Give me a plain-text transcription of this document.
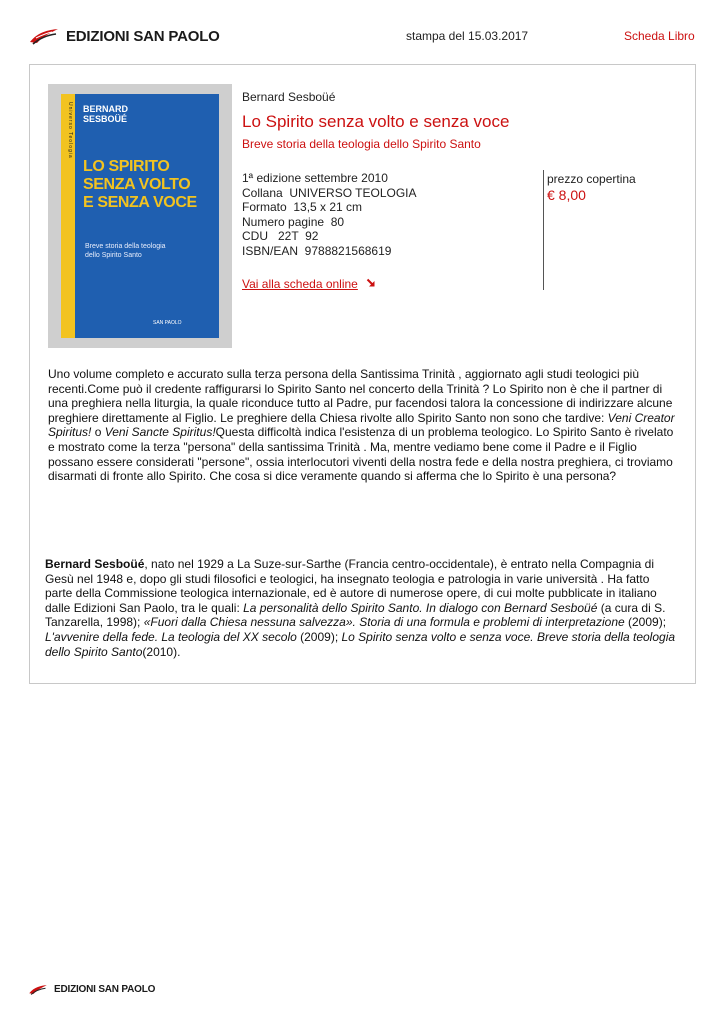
EDIZIONI SAN PAOLO	stampa del 15.03.2017	Scheda Libro
Universo Teologia BERNARD
SESBOÜÉ
LO SPIRITO
SENZA VOLTO
E SENZA VOCE
Breve storia della teologia
dello Spirito Santo
SAN PAOLO
Bernard Sesboüé
Lo Spirito senza volto e senza voce
Breve storia della teologia dello Spirito Santo
1ª edizione settembre 2010
Collana  UNIVERSO TEOLOGIA
Formato  13,5 x 21 cm
Numero pagine  80
CDU   22T  92
ISBN/EAN  9788821568619
Vai alla scheda online
prezzo copertina
€ 8,00
Uno volume completo e accurato sulla terza persona della Santissima Trinità , aggiornato agli studi teologici più recenti.Come può il credente raffigurarsi lo Spirito Santo nel concerto della Trinità ? Lo Spirito non è che il partner di una preghiera nella liturgia, la quale riconduce tutto al Padre, pur facendosi talora la concessione di indirizzare alcune preghiere direttamente al Figlio. Le preghiere della Chiesa rivolte allo Spirito Santo non sono che tardive: Veni Creator Spiritus! o Veni Sancte Spiritus!Questa difficoltà indica l'esistenza di un problema teologico. Lo Spirito Santo è rivelato e mostrato come la terza "persona" della santissima Trinità . Ma, mentre vediamo bene come il Padre e il Figlio possano essere considerati "persone", ossia interlocutori viventi della nostra fede e della nostra preghiera, ci troviamo disarmati di fronte allo Spirito. Che cosa si dice veramente quando si afferma che lo Spirito è una persona?
Bernard Sesboüé, nato nel 1929 a La Suze-sur-Sarthe (Francia centro-occidentale), è entrato nella Compagnia di Gesù nel 1948 e, dopo gli studi filosofici e teologici, ha insegnato teologia e patrologia in varie università . Ha fatto parte della Commissione teologica internazionale, ed è autore di numerose opere, di cui molte pubblicate in italiano dalle Edizioni San Paolo, tra le quali: La personalità dello Spirito Santo. In dialogo con Bernard Sesboüé (a cura di S. Tanzarella, 1998); «Fuori dalla Chiesa nessuna salvezza». Storia di una formula e problemi di interpretazione (2009); L'avvenire della fede. La teologia del XX secolo (2009); Lo Spirito senza volto e senza voce. Breve storia della teologia dello Spirito Santo(2010).
EDIZIONI SAN PAOLO
